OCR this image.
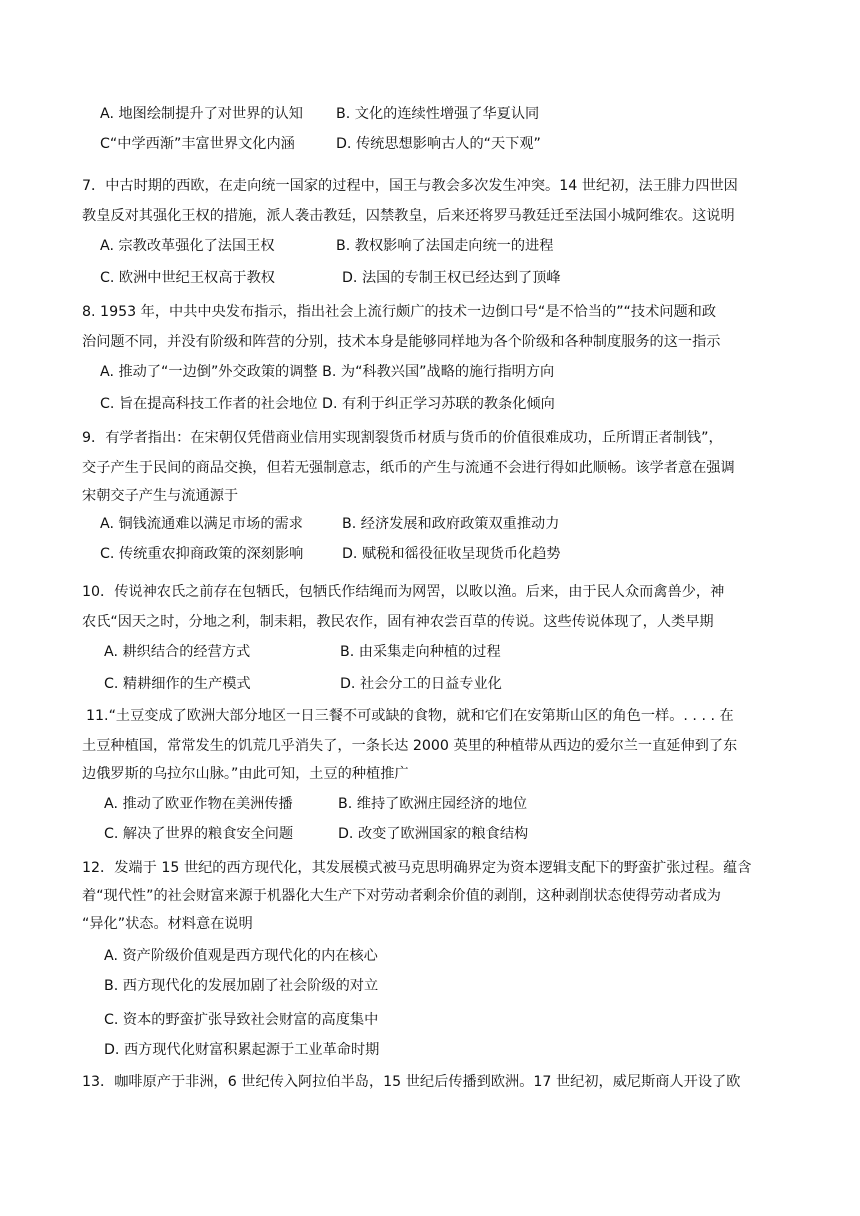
A. 地图绘制提升了对世界的认知 B. 文化的连续性增强了华夏认同
C“中学西渐”丰富世界文化内涵	D. 传统思想影响古人的“天下观”
7．中古时期的西欧，在走向统一国家的过程中，国王与教会多次发生冲突。14 世纪初，法王腓力四世因
教皇反对其强化王权的措施，派人袭击教廷，囚禁教皇，后来还将罗马教廷迁至法国小城阿维农。这说明
A. 宗教改革强化了法国王权	B. 教权影响了法国走向统一的进程
C. 欧洲中世纪王权高于教权	D. 法国的专制王权已经达到了顶峰
8. 1953 年，中共中央发布指示，指出社会上流行颇广的技术一边倒口号“是不恰当的”“技术问题和政
治问题不同，并没有阶级和阵营的分别，技术本身是能够同样地为各个阶级和各种制度服务的这一指示
A. 推动了“一边倒”外交政策的调整 B. 为“科教兴国”战略的施行指明方向
C. 旨在提高科技工作者的社会地位 D. 有利于纠正学习苏联的教条化倾向
9．有学者指出：在宋朝仅凭借商业信用实现割裂货币材质与货币的价值很难成功，丘所谓正者制钱”，
交子产生于民间的商品交换，但若无强制意志，纸币的产生与流通不会进行得如此顺畅。该学者意在强调
宋朝交子产生与流通源于
A. 铜钱流通难以满足市场的需求	B. 经济发展和政府政策双重推动力
C. 传统重农抑商政策的深刻影响	D. 赋税和徭役征收呈现货币化趋势
10．传说神农氏之前存在包牺氏，包牺氏作结绳而为网罟，以畋以渔。后来，由于民人众而禽兽少，神
农氏“因天之时，分地之利，制耒耜，教民农作，固有神农尝百草的传说。这些传说体现了，人类早期
A. 耕织结合的经营方式	B. 由采集走向种植的过程
C. 精耕细作的生产模式	D. 社会分工的日益专业化
11.“土豆变成了欧洲大部分地区一日三餐不可或缺的食物，就和它们在安第斯山区的角色一样。. . . . 在
土豆种植国，常常发生的饥荒几乎消失了，一条长达 2000 英里的种植带从西边的爱尔兰一直延伸到了东
边俄罗斯的乌拉尔山脉。”由此可知，土豆的种植推广
A. 推动了欧亚作物在美洲传播	B. 维持了欧洲庄园经济的地位
C. 解决了世界的粮食安全问题	D. 改变了欧洲国家的粮食结构
12．发端于 15 世纪的西方现代化，其发展模式被马克思明确界定为资本逻辑支配下的野蛮扩张过程。蕴含
着“现代性”的社会财富来源于机器化大生产下对劳动者剩余价值的剥削，这种剥削状态使得劳动者成为
“异化”状态。材料意在说明
A. 资产阶级价值观是西方现代化的内在核心
B. 西方现代化的发展加剧了社会阶级的对立
C. 资本的野蛮扩张导致社会财富的高度集中
D. 西方现代化财富积累起源于工业革命时期
13．咖啡原产于非洲，6 世纪传入阿拉伯半岛，15 世纪后传播到欧洲。17 世纪初，威尼斯商人开设了欧
